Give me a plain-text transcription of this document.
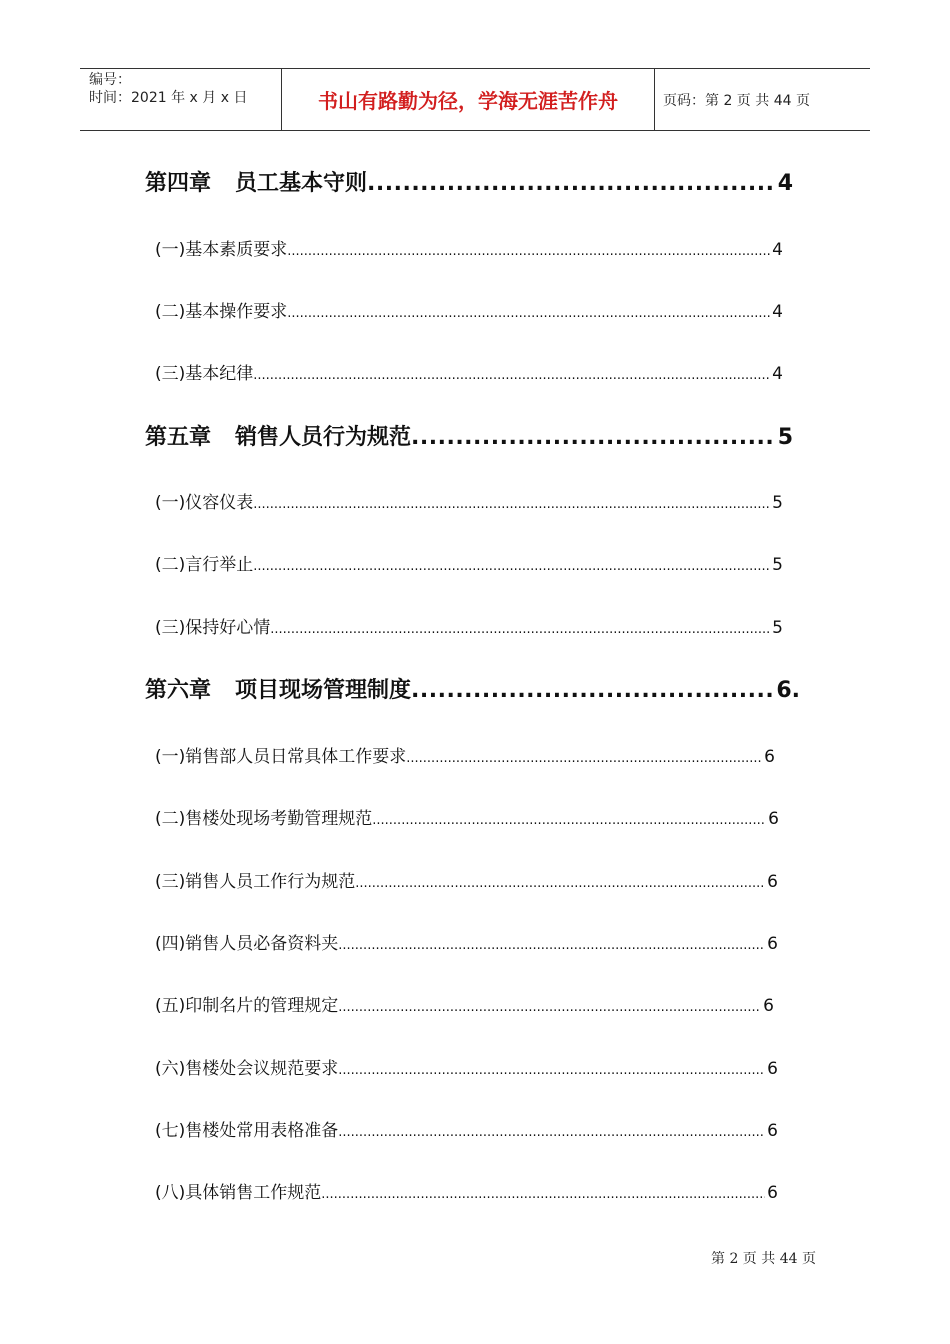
编号：
时间：2021 年 x 月 x 日	书山有路勤为径，学海无涯苦作舟	页码：第 2 页 共 44 页
第四章 员工基本守则 .....	4
(一) 基本素质要求 .....	4
(二) 基本操作要求 .....	4
(三) 基本纪律 .....	4
第五章 销售人员行为规范 .....	5
(一) 仪容仪表 .....	5
(二) 言行举止 .....	5
(三) 保持好心情 .....	5
第六章 项目现场管理制度 .....	6.
(一) 销售部人员日常具体工作要求 .....	6
(二) 售楼处现场考勤管理规范 .....	6
(三) 销售人员工作行为规范 .....	6
(四) 销售人员必备资料夹 .....	6
(五) 印制名片的管理规定 .....	6
(六) 售楼处会议规范要求 .....	6
(七) 售楼处常用表格准备 .....	6
(八) 具体销售工作规范 .....	6
第 2 页 共 44 页
